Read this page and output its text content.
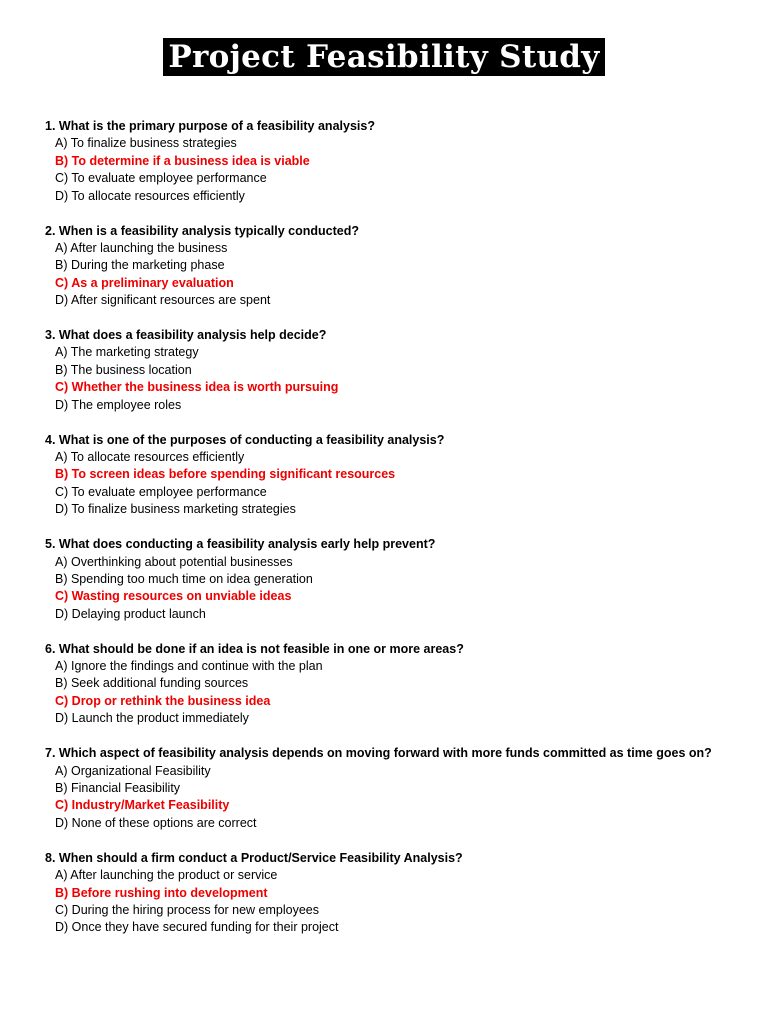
Project Feasibility Study
1. What is the primary purpose of a feasibility analysis?
A) To finalize business strategies
B) To determine if a business idea is viable
C) To evaluate employee performance
D) To allocate resources efficiently
2. When is a feasibility analysis typically conducted?
A) After launching the business
B) During the marketing phase
C) As a preliminary evaluation
D) After significant resources are spent
3. What does a feasibility analysis help decide?
A) The marketing strategy
B) The business location
C) Whether the business idea is worth pursuing
D) The employee roles
4. What is one of the purposes of conducting a feasibility analysis?
A) To allocate resources efficiently
B) To screen ideas before spending significant resources
C) To evaluate employee performance
D) To finalize business marketing strategies
5. What does conducting a feasibility analysis early help prevent?
A) Overthinking about potential businesses
B) Spending too much time on idea generation
C) Wasting resources on unviable ideas
D) Delaying product launch
6. What should be done if an idea is not feasible in one or more areas?
A) Ignore the findings and continue with the plan
B) Seek additional funding sources
C) Drop or rethink the business idea
D) Launch the product immediately
7. Which aspect of feasibility analysis depends on moving forward with more funds committed as time goes on?
A) Organizational Feasibility
B) Financial Feasibility
C) Industry/Market Feasibility
D) None of these options are correct
8. When should a firm conduct a Product/Service Feasibility Analysis?
A) After launching the product or service
B) Before rushing into development
C) During the hiring process for new employees
D) Once they have secured funding for their project
